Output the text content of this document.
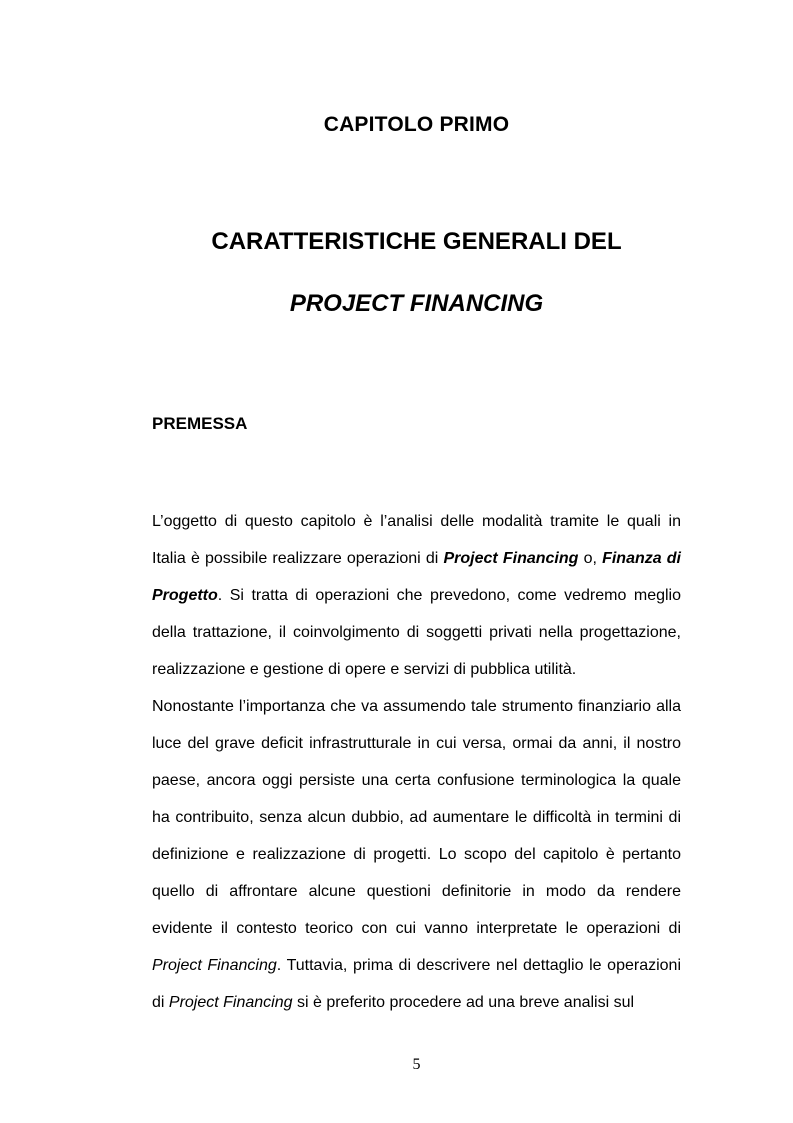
CAPITOLO PRIMO
CARATTERISTICHE GENERALI DEL
PROJECT FINANCING
PREMESSA

L’oggetto di questo capitolo è l’analisi delle modalità tramite le quali in Italia è possibile realizzare operazioni di Project Financing o, Finanza di Progetto. Si tratta di operazioni che prevedono, come vedremo meglio della trattazione, il coinvolgimento di soggetti privati nella progettazione, realizzazione e gestione di opere e servizi di pubblica utilità.

Nonostante l’importanza che va assumendo tale strumento finanziario alla luce del grave deficit infrastrutturale in cui versa, ormai da anni, il nostro paese, ancora oggi persiste una certa confusione terminologica la quale ha contribuito, senza alcun dubbio, ad aumentare le difficoltà in termini di definizione e realizzazione di progetti. Lo scopo del capitolo è pertanto quello di affrontare alcune questioni definitorie in modo da rendere evidente il contesto teorico con cui vanno interpretate le operazioni di Project Financing. Tuttavia, prima di descrivere nel dettaglio le operazioni di Project Financing si è preferito procedere ad una breve analisi sul

5
